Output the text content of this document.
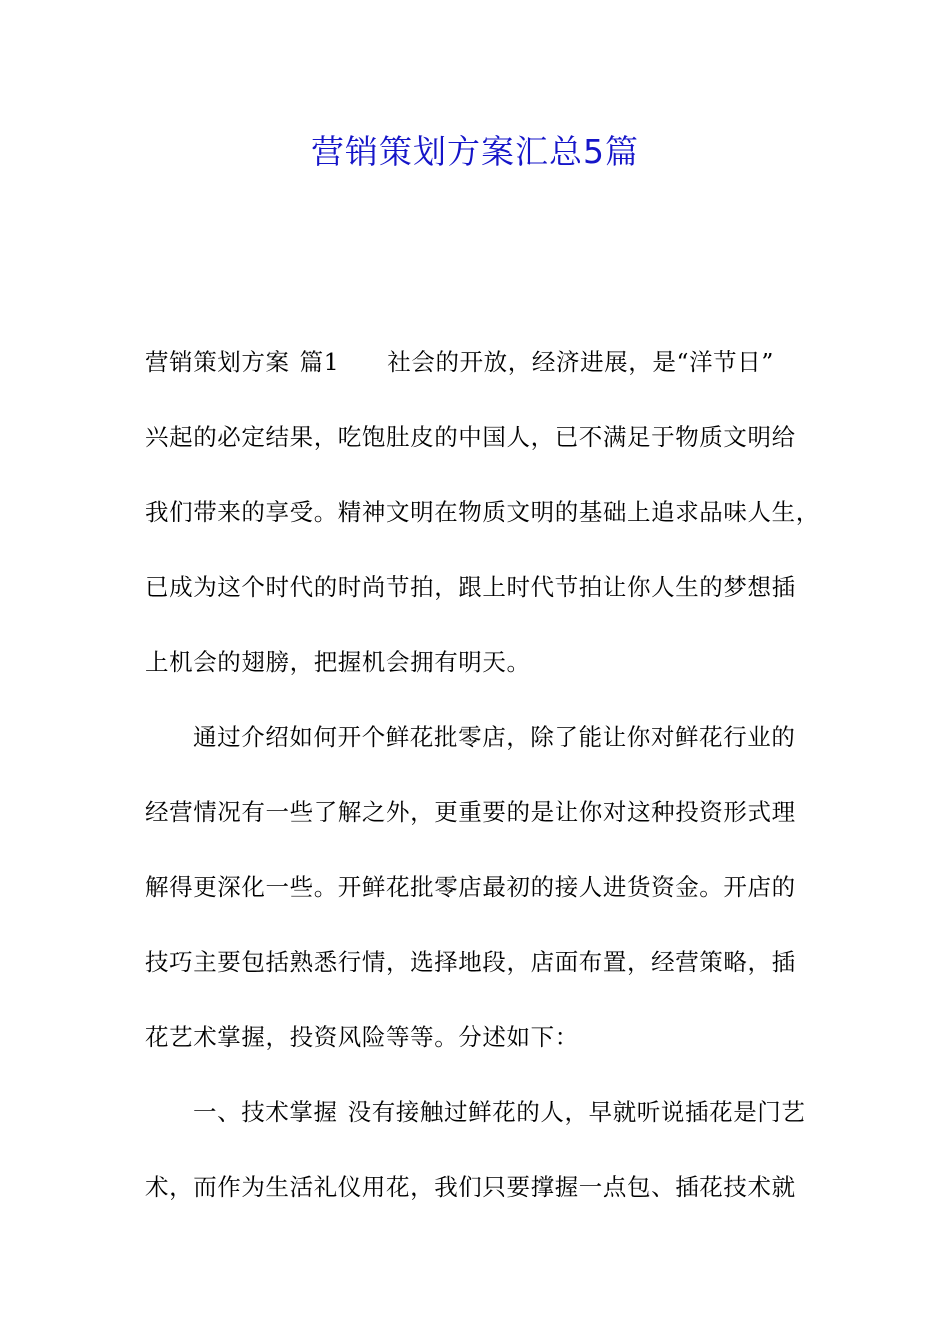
营销策划方案汇总5篇
营销策划方案 篇1 社会的开放，经济进展，是“洋节日”
兴起的必定结果，吃饱肚皮的中国人，已不满足于物质文明给
我们带来的享受。精神文明在物质文明的基础上追求品味人生，
已成为这个时代的时尚节拍，跟上时代节拍让你人生的梦想插
上机会的翅膀，把握机会拥有明天。
通过介绍如何开个鲜花批零店，除了能让你对鲜花行业的
经营情况有一些了解之外，更重要的是让你对这种投资形式理
解得更深化一些。开鲜花批零店最初的接人进货资金。开店的
技巧主要包括熟悉行情，选择地段，店面布置，经营策略，插
花艺术掌握，投资风险等等。分述如下：
一、技术掌握 没有接触过鲜花的人，早就听说插花是门艺
术，而作为生活礼仪用花，我们只要撑握一点包、插花技术就
